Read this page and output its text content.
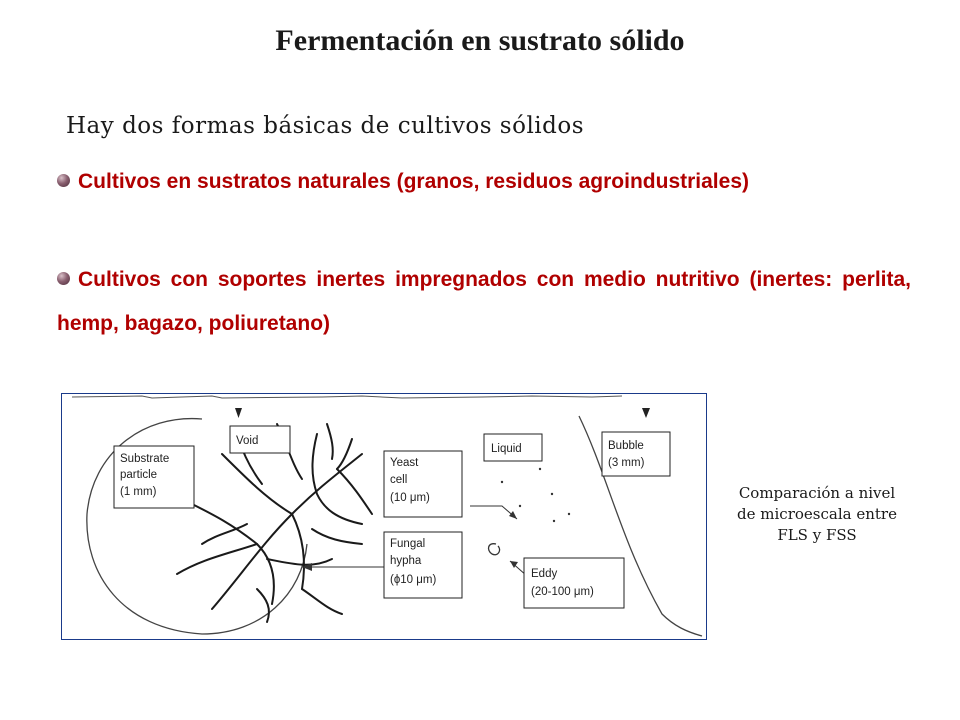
Fermentación en sustrato sólido
Hay dos formas básicas de cultivos sólidos
Cultivos en sustratos naturales (granos, residuos agroindustriales)
Cultivos con soportes inertes impregnados con medio nutritivo (inertes: perlita, hemp, bagazo, poliuretano)
Substrate
particle
(1 mm)
Void
Yeast
cell
(10 μm)
Liquid	Bubble
(3 mm)
Fungal
hypha
(ϕ10 μm)	Eddy
(20-100 μm)
Comparación a nivel de microescala entre FLS y FSS
